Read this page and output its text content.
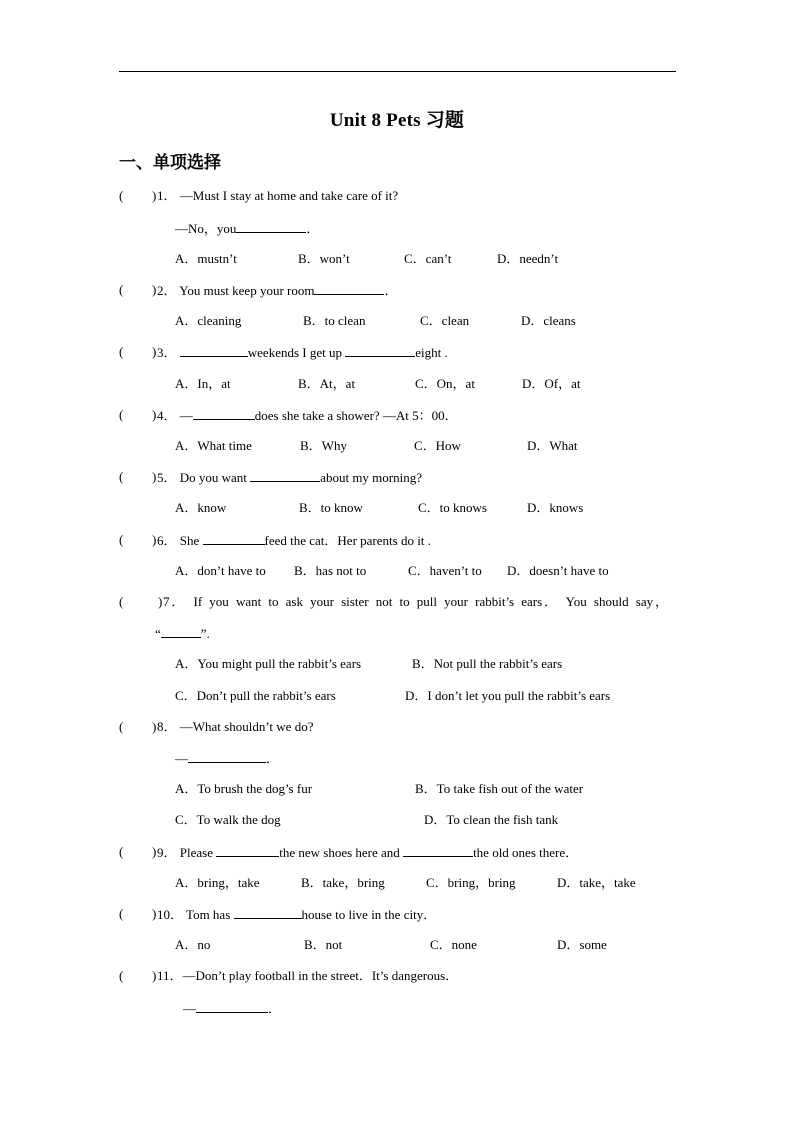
Unit 8 Pets 习题
一、单项选择
( ) 1． —Must I stay at home and take care of it?
—No，you	．
A．mustn’t	B．won’t	C．can’t	D．needn’t
( ) 2． You must keep your room	．
A．cleaning	B．to clean	C．clean	D．cleans
( ) 3．	weekends I get up	eight .
A．In，at	B．At，at	C．On，at	D．Of，at
( ) 4． —	does she take a shower? —At 5：00．
A．What time	B．Why	C．How	D．What
( ) 5． Do you want	about my morning?
A．know	B．to know	C．to knows	D．knows
( ) 6． She	feed the cat．Her parents do it .
A．don’t have to B．has not to	C．haven’t to D．doesn’t have to
(	) 7． If you want to ask your sister not to pull your rabbit’s ears． You should say，
“	”.
A．You might pull the rabbit’s ears	B．Not pull the rabbit’s ears
C．Don’t pull the rabbit’s ears	D．I don’t let you pull the rabbit’s ears
( ) 8． —What shouldn’t we do?
—	．
A．To brush the dog’s fur	B．To take fish out of the water
C．To walk the dog	D．To clean the fish tank
( ) 9． Please	the new shoes here and	the old ones there．
A．bring，take	B．take，bring	C．bring，bring	D．take，take
( ) 10． Tom has	house to live in the city．
A．no	B．not	C．none	D．some
( ) 11．—Don’t play football in the street．It’s dangerous．
—	．
